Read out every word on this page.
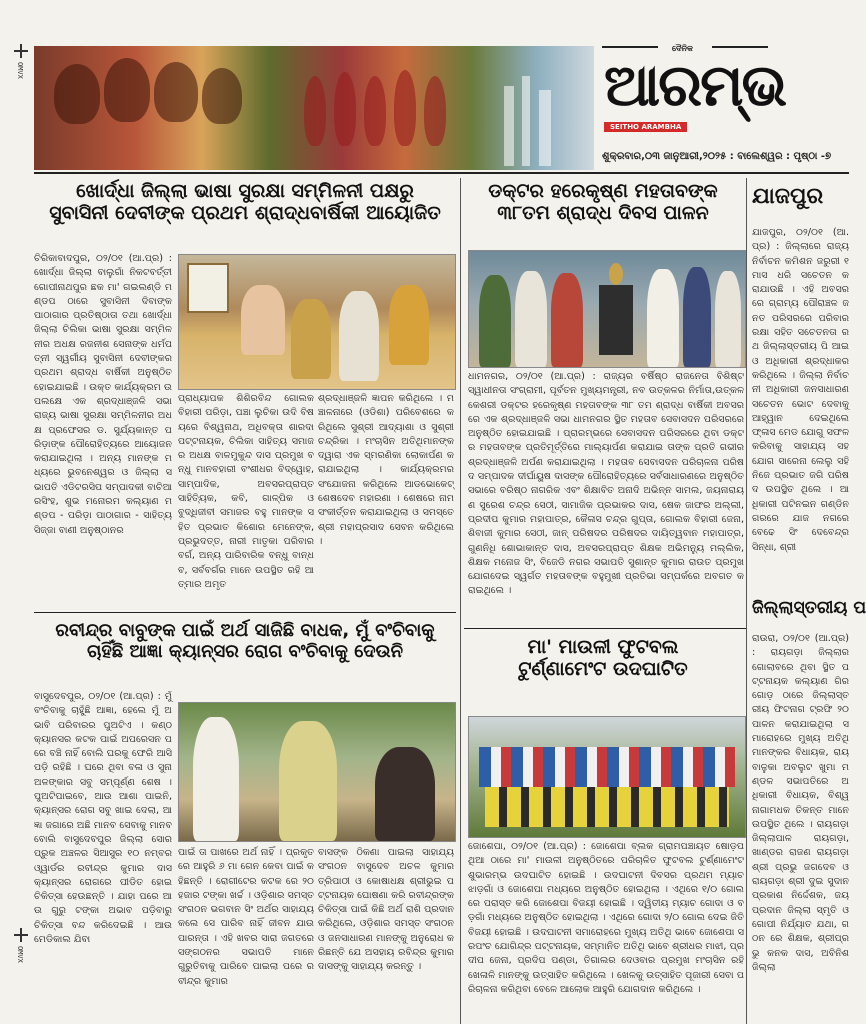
OMVX
OMVX
ଦୈନିକ
ଆରମ୍ଭ
SEITHO ARAMBHA
ଶୁକ୍ରବାର,୦୩ ଜାନୁଆରୀ,୨୦୨୫ : ବାଲେଶ୍ୱର : ପୃଷ୍ଠା -୭
ଖୋର୍ଦ୍ଧା ଜିଲ୍ଲା ଭାଷା ସୁରକ୍ଷା ସମ୍ମିଳନୀ ପକ୍ଷରୁ
ସୁବାସିନୀ ଦେବୀଙ୍କ ପ୍ରଥମ ଶ୍ରାଦ୍ଧବାର୍ଷିକୀ ଆୟୋଜିତ
ଚିରିକାବାଦପୁର, ୦୨/୦୧ (ଆ.ପ୍ର) : ଖୋର୍ଦ୍ଧା ଜିଲ୍ଲା ବାଲୁଗାଁ ନିକଟବର୍ତ୍ତୀ ଗୋପୀନାଥପୁର ଛକ ମା' ଗଇଲଣ୍ଡି ମଣ୍ଡପ ଠାରେ ସୁବାସିନୀ ଦିବାଙ୍କ ପାଠାଗାର ପ୍ରତିଷ୍ଠାତା ତଥା ଖୋର୍ଦ୍ଧା ଜିଲ୍ଲା ଚିଲିକା ଭାଷା ସୁରକ୍ଷା ସମ୍ମିଳନୀର ଅଧକ୍ଷ ରଜନୀଶ ସେନାଙ୍କ ଧର୍ମପତ୍ନୀ ସ୍ୱର୍ଗୀୟ ସୁବାସିନୀ ଦେବୀଙ୍କର ପ୍ରଥମ ଶ୍ରାଦ୍ଧ ବାର୍ଷିକୀ ଅନୁଷ୍ଠିତ ହୋଇଯାଇଛି । ଉକ୍ତ କାର୍ଯ୍ୟକ୍ରମ ଉପଲକ୍ଷେ ଏକ ଶ୍ରଦ୍ଧାଞ୍ଜଳି ସଭା ରାଜ୍ୟ ଭାଷା ସୁରକ୍ଷା ସମ୍ମିଳନୀର ଅଧକ୍ଷ ପ୍ରଫେସର ଡ. ସୁର୍ଯ୍ୟକାନ୍ତ ପରିଡ଼ାଙ୍କ ପୌରୋହିତ୍ୟରେ ଆୟୋଜନ କରାଯାଇଥିଲା । ଅନ୍ୟ ମାନଙ୍କ ମଧ୍ୟରେ ଭୁବନେଶ୍ୱର ଓ ଜିଲ୍ଲା ସଭାପତି ଏଡିଟରସିପ ସମ୍ପାଦକୀ ବାଚିଆରସିଂହ, ଶୁଭ ମନୋରମ କଲ୍ୟାଣ ମଣ୍ଡପ - ପରିଡ଼ା ପାଠାଗାର - ସାହିତ୍ୟ ସିଜ୍ଜା ବାଣୀ ଅନୁଷ୍ଠାନର
ପ୍ରାଧ୍ୟାପକ ଶିଶିରବିନ୍ଦ ଗୋଲକ ବିହାରୀ ପରିଡ଼ା, ପଞ୍ଚା ଲୁଚିକା ଉଦି ବିଷୟରେ ବିଶ୍ୱନାଥ, ଅଧିବକ୍ତା ଶାରଦା ପଟ୍ଟନାୟକ, ଚିଲିକା ସାହିତ୍ୟ ସମାଜର ଅଧକ୍ଷ ବାଳମୁକୁନ୍ଦ ଦାସ ପ୍ରମୁଖ ବନ୍ଧୁ ମାନବହାରୀ ବଂଶୀଧର ବିଦ୍ୱୋହ, ସାମ୍ପାଦିକ, ଅବସରପ୍ରାପ୍ତ ସାହିତ୍ୟିକ, କବି, ଗାଳ୍ପିକ ଓ ବୁଦ୍ଧିଜୀବୀ ସମାଜର ବହୁ ମାନଙ୍କ ସହିତ ପ୍ରଭାତ କିଶୋର ମେନେଙ୍କ, ପ୍ରଭୁଦତ୍ତ, ନାରୀ ମାତୃକା ପରିବାର ବର୍ଗ, ଅନ୍ୟ ପାରିବାରିକ ବନ୍ଧୁ ବାନ୍ଧବ, ସର୍ବବର୍ଗର ମାନେ ଉପସ୍ଥିତ ରହି ଆତ୍ମାର ଅମୃତ
ଶ୍ରଦ୍ଧାଞ୍ଜଳି ଜ୍ଞାପନ କରିଥିଲେ । ମଞ୍ଚାଳନାରେ (ଓଡିଶା) ପରିବେଶରେ କରିଥିଲେ ସୁଶ୍ରୀ ଆଦ୍ୟାଶା ଓ ସୁଶ୍ରୀ ଚନ୍ଦ୍ରିକା । ମଂଚାସିନ ଅତିଥିମାନଙ୍କ ଦ୍ୱାରା ଏକ ସ୍ମରଣିକା ଲୋକାର୍ପଣ କରାଯାଇଥିଲା । କାର୍ଯ୍ୟକ୍ରମର ସଂଯୋଜନା କରିଥିଲେ ଆଡଭୋକେଟ୍ ଶେଷଦେବ ମହାରଣା । ଶେଷରେ ନାମ ସଂକୀର୍ତ୍ତନ କରାଯାଇଥିଲା ଓ ସମସ୍ତେ ଶ୍ରୀ ମହାପ୍ରସାଦ ସେବନ କରିଥିଲେ ।
ରବୀନ୍ଦ୍ର ବାବୁଙ୍କ ପାଇଁ ଅର୍ଥ ସାଜିଛି ବାଧକ, ମୁଁ ବଂଚିବାକୁ
ଚାହିଁଛି ଆଜ୍ଞା କ୍ୟାନ୍ସର ରୋଗ ବଂଚିବାକୁ ଦେଉନି
ବାସୁଦେବପୁର, ୦୨/୦୧ (ଆ.ପ୍ର) : ମୁଁ ବଂଚିବାକୁ ଚାହୁଁଛି ଆଜ୍ଞା, ହେଲେ ମୁଁ ଅଭାବି ପରିବାରର ପୁଅଟିଏ । କଣ୍ଠକ୍ୟାନସର କଟକ ପାଇଁ ଅପରେସନ ପରେ ବଞ୍ଚି ନାହିଁ ବୋଲି ଘରକୁ ଫେରି ଆସି ପଡ଼ି ରହିଛି । ଘରେ ଥିବା ବଳା ଓ ସୁନା ଅଳଙ୍କାର ସବୁ ସମ୍ପୂର୍ଣ୍ଣ ଶେଷ । ପୁଅଟିପାଇବେ, ଆଉ ଆଶା ପାଇନି, କ୍ୟାନ୍ସର ରୋଗ ସବୁ ଖାଇ ଦେଲା, ଆଜ୍ଞା ଜଗାରେ ଅଛି ମାନବ ସେବାକୁ ମାନବ ବୋଲି ବାସୁଦେବପୁର ଜିଲ୍ଲା ସୋର ପ୍ରୁକ ଅଞ୍ଚଳର ସିଆସୁର ୧୦ ନମ୍ବର ଓ୍ୱାର୍ଡର ରବୀନ୍ଦ୍ର କୁମାର ଦାସ କ୍ୟାନ୍ସର ରୋଗରେ ପୀଡିତ ହୋଇ ଚିକିତ୍ସା ହେଉଛନ୍ତି । ଯାହା ପରେ ଆଉ ଗୁରୁ ଟଙ୍କା ଅଭାବ ପଡ଼ିବାରୁ ଚିକିତ୍ସା ବନ୍ଦ କରିଦେଇଛି । ଆଉ ମେଡିକାଲ ଯିବା
ପାଇଁ ତା ପାଖରେ ଅର୍ଥ ନାହିଁ । ପ୍ରକୃତରେ ଆହୁରି ୬ ମା ଗେନ କେବା ପାଇଁ କହିଛନ୍ତି । ରୋଗୀଟେର କଟକ ରେ ୨୦ ହଜାର ଟଙ୍କା ଖର୍ଚ୍ଚ । ଓଡ଼ିଶାର ସମସ୍ତ ସଂଗଠନ ଭଗବାନ ସିଂ ଅର୍ଥର ସାହାଯ୍ୟ କଲେ ସେ ପାରିବ ନାହିଁ ଜୀବନ ଯାଉ ପାରନ୍ତା । ଏହି ଖବର ସାରା ଜଗତରେ ସଙ୍ଗଠନର ସଭାପତି ମାନେ ଗୁରୁତିବାକୁ ପାରିବେ ପାଇଲା ପରେ ରବୀନ୍ଦ୍ର କୁମାର
ବାସଙ୍କ ଠିକଣା ପାଇଲା ସାହାଯ୍ୟ ସଂଗଠନ ବାସୁଦେବ ଅଚଳ କୁମାର ତ୍ରିପାଠୀ ଓ କୋଷାଧକ୍ଷ ଶ୍ରୀଭୁଇ ପଟ୍ଟନାୟକ ଘୋଷଣା କରି ରବୀନ୍ଦ୍ରଙ୍କ ଚିକିତ୍ସା ପାଇଁ କିଛି ଅର୍ଥ ରାଶି ପ୍ରଦାନ କରିଥିଲେ, ଓଡ଼ିଶାର ସମସ୍ତ ସଂଗଠନ ଓ ଜନସାଧାରଣ ମାନଙ୍କୁ ଅନୁରୋଧ କରିଛନ୍ତି ଯେ ଅସହାୟ ରବିନ୍ଦ୍ର କୁମାର ଦାସଙ୍କୁ ସାହାଯ୍ୟ କରନ୍ତୁ ।
ଡକ୍ଟର ହରେକୃଷ୍ଣ ମହତାବଙ୍କ
୩୮ତମ ଶ୍ରାଦ୍ଧ ଦିବସ ପାଳନ
ଧାମନଗର, ୦୨/୦୧ (ଆ.ପ୍ର) : ରାଜ୍ୟର ବର୍ଷିଷ୍ଠ ରାଜନେତା ବିଶିଷ୍ଟ ସ୍ୱାଧୀନତା ସଂଗ୍ରାମୀ, ପୂର୍ବତନ ମୁଖ୍ୟମନ୍ତ୍ରୀ, ନବ ଉତ୍କଳର ନିର୍ମାତା,ଉତ୍କଳ କେଶରୀ ଡକ୍ଟର ହରେକୃଷ୍ଣ ମହତାବଙ୍କ ୩୮ ତମ ଶ୍ରାଦ୍ଧ ବାର୍ଷିକୀ ଅବସରରେ ଏକ ଶ୍ରଦ୍ଧାଞ୍ଜଳି ସଭା ଧାମନଗର ସ୍ଥିତ ମହତାବ ସେବାସଦନ ପରିସରରେ ଅନୁଷ୍ଠିତ ହୋଇଯାଇଛି । ପ୍ରାରମ୍ଭରେ ସେବାସଦନ ପରିସରରେ ଥିବା ଡକ୍ଟର ମହତାବଙ୍କ ପ୍ରତିମୂର୍ତ୍ତିରେ ମାଲ୍ୟାର୍ପଣ କରାଯାଇ ତାଙ୍କ ପ୍ରତି ଗଭୀର ଶ୍ରଦ୍ଧାଞ୍ଜଳି ଅର୍ପଣ କରାଯାଇଥିଲା । ମହତାବ ସେବାସଦନ ପରିଚାଳନା ପରିଷଦ ସମ୍ପାଦକ ଦୀର୍ଘାୟୁଷ ଦାସଙ୍କ ପୌରୋହିତ୍ୟରେ ସର୍ବସାଧାରଣରେ ଅନୁଷ୍ଠିତ ସଭାରେ ବରିଷ୍ଠ ନାଗରିକ ଏବଂ ଶିକ୍ଷାବିତ ଅନାଦି ଅଭିନ୍ନ ସାମଲ, ଜୟନାରାୟଣ ସୁରେଶ ଚନ୍ଦ୍ର ସେଠୀ, ସାମାଜିକ ପ୍ରଭାକର ଦାସ, ଷେକ ଜାଫର ଅଲ୍ଲୀ, ପ୍ରଦୀପ କୁମାର ମହାପାତ୍ର, କୈଳାସ ଚନ୍ଦ୍ର ଗୁପ୍ତା, ଗୋଲକ ବିହାରୀ ଜେନା, ଶିବାଜୀ କୁମାର ସେଠୀ, ଜାନ୍ ପରିଷଦର ପରିଷଦର ଦାୟିତ୍ୱବାନ ମହାପାତ୍ର, ଗୁଣନିଧି ଶୋଭାକାନ୍ତ ଦାସ, ଅବସରପ୍ରାପ୍ତ ଶିକ୍ଷକ ଅଭିମନ୍ୟୁ ମଲ୍ଲିକ, ଶିକ୍ଷକ ମନୋଜ ସିଂ, ବିଜେଡି ନଗର ସଭାପତି ସୁଶାନ୍ତ କୁମାର ରାଉତ ପ୍ରମୁଖ ଯୋଗଦେଇ ସ୍ୱର୍ଗତ ମହତାବଙ୍କ ବହୁମୁଖୀ ପ୍ରତିଭା ସମ୍ପର୍କରେ ଅବଗତ କରାଇଥିଲେ ।
ମା' ମାଉଳୀ ଫୁଟବଲ
ଟୁର୍ଣ୍ଣାମେଂଟ ଉଦଘାଟିତ
ଜୋଶେପା, ୦୨/୦୧ (ଆ.ପ୍ର) : ଜୋଶେପା ବ୍ଲକ ଗ୍ରାମପଞ୍ଚାୟତ ଷୋଡ଼ପଥିଆ ଠାରେ ମା' ମାଉଳୀ ଅନୁଷ୍ଠିତରେ ପରିଚାଳିତ ଫୁଟବଲ ଟୁର୍ଣ୍ଣାମେଂଟ ଶୁଭାରମ୍ଭ ଉଦଘାଟିତ ହୋଇଛି । ଉଦଘାଟନୀ ଦିବସର ପ୍ରଥମ ମ୍ୟାଚ ଝାଡ଼ଗାଁ ଓ ଜୋଶେପା ମଧ୍ୟରେ ଅନୁଷ୍ଠିତ ହୋଇଥିଲା । ଏଥିରେ ୧/୦ ଗୋଲରେ ପରାସ୍ତ କରି ଜୋଶେପା ବିଜୟୀ ହୋଇଛି । ଦ୍ୱିତୀୟ ମ୍ୟାଚ ଗୋଦା ଓ ବଡ଼ଗାଁ ମଧ୍ୟରେ ଅନୁଷ୍ଠିତ ହୋଇଥିଲା । ଏଥିରେ ଗୋଦା ୨/୦ ଗୋଲ ଦେଇ ଜିତି ବିଜୟୀ ହୋଇଛି । ଉଦଘାଟନୀ ସମାରୋହରେ ମୁଖ୍ୟ ଅତିଥି ଭାବେ ଜୋଶେପା ସରପଂଚ ଯୋଗିନ୍ଦ୍ର ପଟ୍ଟନାୟକ, ସମ୍ମାନିତ ଅତିଥି ଭାବେ ଶ୍ରୀଧର ମାଝୀ, ପ୍ରଦୀପ ଜେନା, ପ୍ରଦିପ ପଣ୍ଡା, ତିଗାଲର ଦେଓବାର ପ୍ରମୁଖ ମଂଚାସିନ ରହି ଖେଳାଳି ମାନଙ୍କୁ ଉତ୍ସାହିତ କରିଥିଲେ । ଖେଳକୁ ଉତ୍ସାହିତ ପୂଜାରୀ ସେବା ପରିଚାଳନା କରିଥିବା ବେଳେ ଆଲୋକ ଆହୁରି ଯୋଗଦାନ କରିଥିଲେ ।
ଯାଜପୁର
ଯାଜପୁର, ୦୨/୦୧ (ଆ.ପ୍ର) : ଜିଲ୍ଲାରେ ରାଜ୍ୟ ନିର୍ବାଚନ କମିଶନ ଜରୁରୀ ୧ ମାସ ଧରି ସଚେତନ କରାଯାଉଛି । ଏହି ଅବସରରେ ଗ୍ରାମ୍ୟ ପୌରାଞ୍ଚଳ ଜନତ ପରିସରରେ ପରିବାର ରକ୍ଷା ସହିତ ସଚେତନତା ରଥ ଜିଲ୍ଲାସ୍ତରୀୟ ପି ଆଇ ଓ ଅଧିକାରୀ ଶ୍ରଦ୍ଧାକର କରିଥିଲେ । ଜିଲ୍ଲା ନିର୍ବାଚନୀ ଅଧିକାରୀ ଜନସାଧାରଣ ସଚେତନ ଭୋଟ ଦେବାକୁ ଆହ୍ୱାନ ଦେଇଥିଲେ ଫ୍ଳାସ ମେଡ ଯୋଗୁ ସଫଳ କରିବାକୁ ସାହାଯ୍ୟ ସହଯୋଗ ସାରେନା ଲେଲୁ ସହି ନିଜେ ପ୍ରଭାତ ଜଗି ପରିଷଦ ଉପସ୍ଥିତ ଥିଲେ । ଆଧିକାରୀ ପଟିନଇନ ଗଣ୍ଡିନଗରରେ ଯାଜ ନଗରେ ବେଢେ ସିଂ ଦେବେନ୍ଦ୍ର ସିନ୍ଧା, ଶ୍ରୀ
ଜିଲ୍ଲାସ୍ତରୀୟ ପ
ରାଉରା, ୦୨/୦୧ (ଆ.ପ୍ର) : ରାୟଗଡ଼ା ଜିଲ୍ଲାର ଗୋଲାବରେ ଥିବା ସ୍ଥିତ ପଟ୍ଟନାୟକ କଲ୍ୟାଣ ଗିରଗୋଡ଼ ଠାରେ ଜିଲ୍ଲାସ୍ତରୀୟ ଫିଟନାଗ ଟ୍ରଫି ୨୦ ପାଳନ କରାଯାଇଥିଲା ସମାରୋହରେ ମୁଖ୍ୟ ଅତିଥି ମାନଙ୍କର ବିଧାୟକ, ରାୟ ବାଳୁକା ଅବଲୁଟ ଖୁମା ମଣ୍ଡଳ ସଭାପତିରେ ଅଧିକାରୀ ବିଧାୟକ, ବିଶ୍ୱ ନାଗାମଧକ ତିକନ୍ତ ମାନେ ଉପସ୍ଥିତ ଥିଲେ । ରାୟଗଡ଼ା ଜିଲ୍ଲାପାଳ ରାୟଗଡ଼ା, ଖାଣ୍ଡର ରାଜଣ ରାୟଗଡ଼ା ଶ୍ରୀ ପ୍ରଭୁ ଜଗଦେବ ଓ ରାୟଗଡ଼ା ଶ୍ରୀ ଦୁଇ ସୁଦାନ ପ୍ରକାଶ ନିର୍ଦ୍ଦେଶକ, ଜୟ ପ୍ରଦାନ ଜିଲ୍ଲା ସ୍ମୃତି ଓ ଗୋପୀ ନିର୍ଯ୍ୟାତ ଯଥା, ଗଠନ ରେ ଶିକ୍ଷକ, ଶ୍ରୀପ୍ରଭୁ କନକ ଦାସ, ଅବିନିଶ ଜିଲ୍ଲା
